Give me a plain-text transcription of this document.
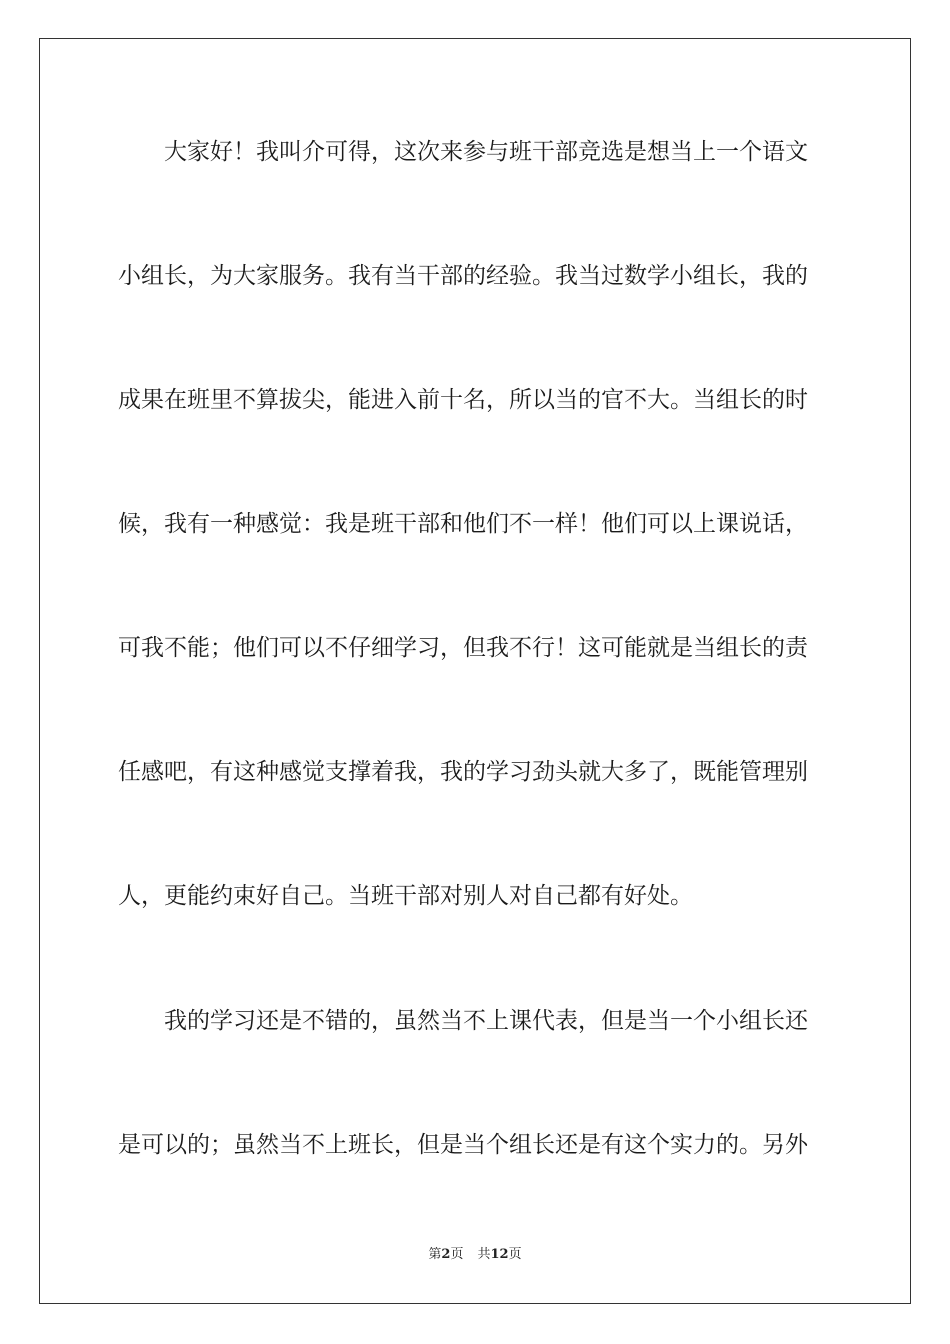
大家好！我叫介可得，这次来参与班干部竞选是想当上一个语文
小组长，为大家服务。我有当干部的经验。我当过数学小组长，我的
成果在班里不算拔尖，能进入前十名，所以当的官不大。当组长的时
候，我有一种感觉：我是班干部和他们不一样！他们可以上课说话，
可我不能；他们可以不仔细学习，但我不行！这可能就是当组长的责
任感吧，有这种感觉支撑着我，我的学习劲头就大多了，既能管理别
人，更能约束好自己。当班干部对别人对自己都有好处。
我的学习还是不错的，虽然当不上课代表，但是当一个小组长还
是可以的；虽然当不上班长，但是当个组长还是有这个实力的。另外
第2页 共12页
